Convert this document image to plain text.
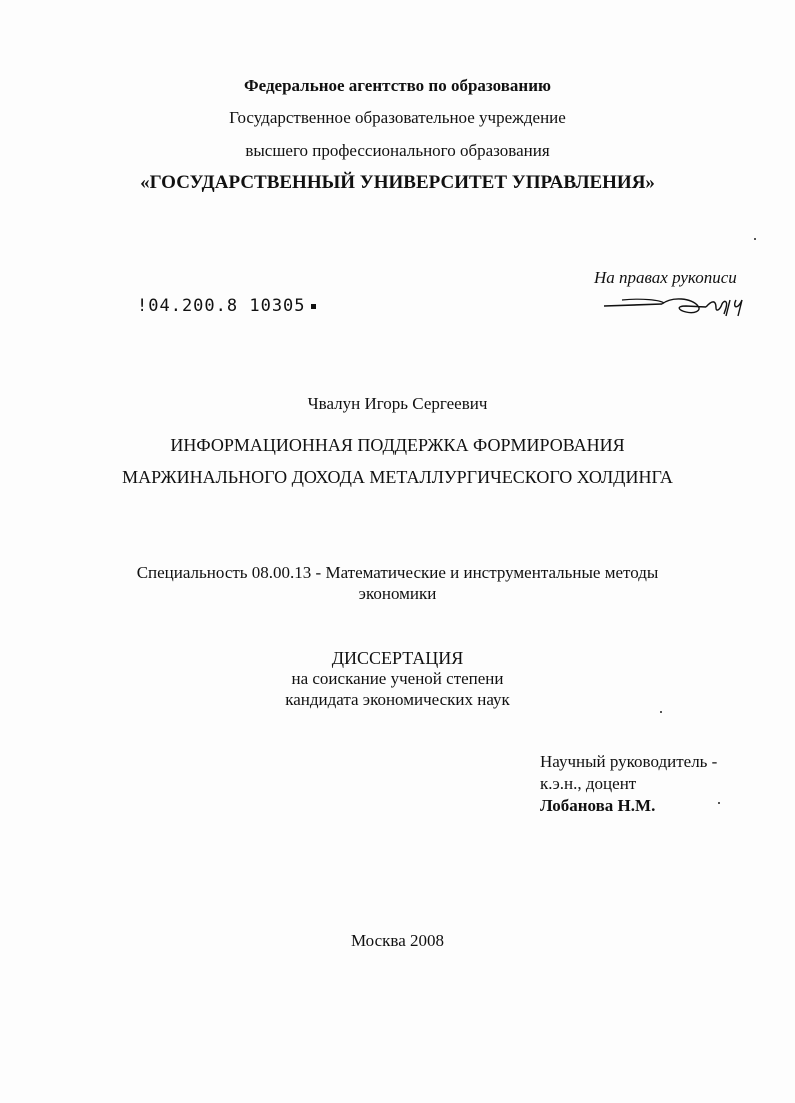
Федеральное агентство по образованию
Государственное образовательное учреждение
высшего профессионального образования
«ГОСУДАРСТВЕННЫЙ УНИВЕРСИТЕТ УПРАВЛЕНИЯ»
На правах рукописи
!04.200.8 10305
Чвалун Игорь Сергеевич
ИНФОРМАЦИОННАЯ ПОДДЕРЖКА ФОРМИРОВАНИЯ
МАРЖИНАЛЬНОГО ДОХОДА МЕТАЛЛУРГИЧЕСКОГО ХОЛДИНГА
Специальность 08.00.13 - Математические и инструментальные методы
экономики
ДИССЕРТАЦИЯ
на соискание ученой степени
кандидата экономических наук
Научный руководитель -
к.э.н., доцент
Лобанова Н.М.
Москва 2008
